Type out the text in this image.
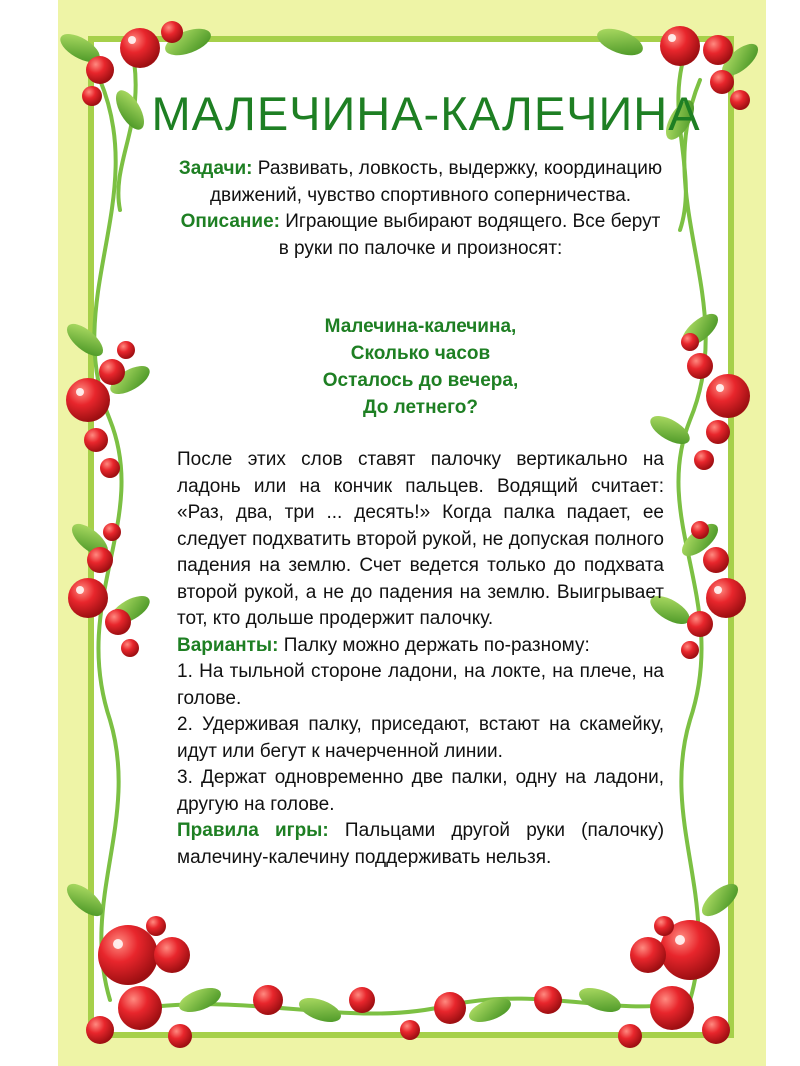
МАЛЕЧИНА-КАЛЕЧИНА
Задачи: Развивать, ловкость, выдержку, координацию движений, чувство спортивного соперничества.
Описание: Играющие выбирают водящего. Все берут в руки по палочке и произносят:
Малечина-калечина,
Сколько часов
Осталось до вечера,
До летнего?

После этих слов ставят палочку вертикально на ладонь или на кончик пальцев. Водящий считает: «Раз, два, три ... десять!» Когда палка падает, ее следует подхватить второй рукой, не допуская полного падения на землю. Счет ведется только до подхвата второй рукой, а не до падения на землю. Выигрывает тот, кто дольше продержит палочку.

Варианты: Палку можно держать по-разному:

1. На тыльной стороне ладони, на локте, на плече, на голове.

2. Удерживая палку, приседают, встают на скамейку, идут или бегут к начерченной линии.

3. Держат одновременно две палки, одну на ладони, другую на голове.

Правила игры: Пальцами другой руки (палочку) малечину-калечину поддерживать нельзя.
